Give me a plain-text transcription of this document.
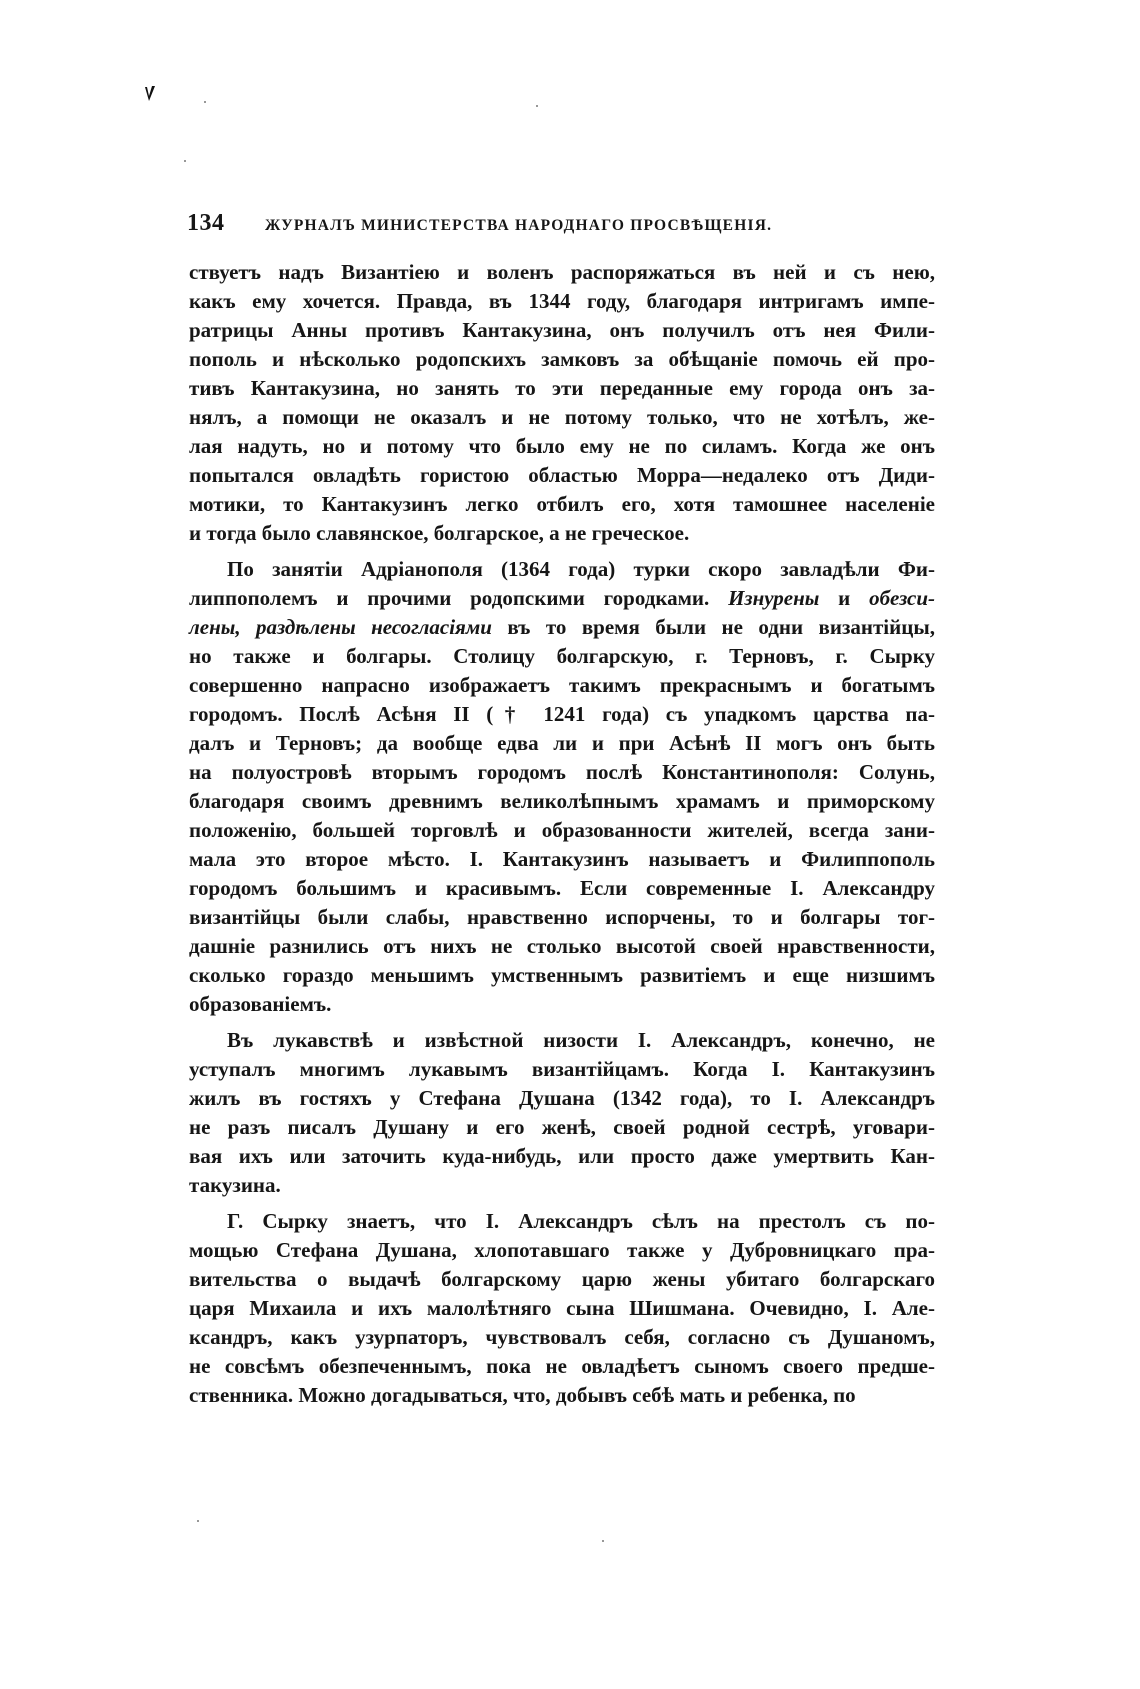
134	ЖУРНАЛЪ МИНИСТЕРСТВА НАРОДНАГО ПРОСВѢЩЕНІЯ.
ствуетъ надъ Византіею и воленъ распоряжаться въ ней и съ нею,
какъ ему хочется. Правда, въ 1344 году, благодаря интригамъ импе-
ратрицы Анны противъ Кантакузина, онъ получилъ отъ нея Фили-
пополь и нѣсколько родопскихъ замковъ за обѣщаніе помочь ей про-
тивъ Кантакузина, но занять то эти переданные ему города онъ за-
нялъ, а помощи не оказалъ и не потому только, что не хотѣлъ, же-
лая надуть, но и потому что было ему не по силамъ. Когда же онъ
попытался овладѣть гористою областью Морра—недалеко отъ Диди-
мотики, то Кантакузинъ легко отбилъ его, хотя тамошнее населеніе
и тогда было славянское, болгарское, а не греческое.
По занятіи Адріанополя (1364 года) турки скоро завладѣли Фи-
липпополемъ и прочими родопскими городками. Изнурены и обезси-
лены, раздѣлены несогласіями въ то время были не одни византійцы,
но также и болгары. Столицу болгарскую, г. Терновъ, г. Сырку
совершенно напрасно изображаетъ такимъ прекраснымъ и богатымъ
городомъ. Послѣ Асѣня II († 1241 года) съ упадкомъ царства па-
далъ и Терновъ; да вообще едва ли и при Асѣнѣ II могъ онъ быть
на полуостровѣ вторымъ городомъ послѣ Константинополя: Солунь,
благодаря своимъ древнимъ великолѣпнымъ храмамъ и приморскому
положенію, большей торговлѣ и образованности жителей, всегда зани-
мала это второе мѣсто. І. Кантакузинъ называетъ и Филиппополь
городомъ большимъ и красивымъ. Если современные І. Александру
византійцы были слабы, нравственно испорчены, то и болгары тог-
дашніе разнились отъ нихъ не столько высотой своей нравственности,
сколько гораздо меньшимъ умственнымъ развитіемъ и еще низшимъ
образованіемъ.
Въ лукавствѣ и извѣстной низости І. Александръ, конечно, не
уступалъ многимъ лукавымъ византійцамъ. Когда І. Кантакузинъ
жилъ въ гостяхъ у Стефана Душана (1342 года), то І. Александръ
не разъ писалъ Душану и его женѣ, своей родной сестрѣ, уговари-
вая ихъ или заточить куда-нибудь, или просто даже умертвить Кан-
такузина.
Г. Сырку знаетъ, что І. Александръ сѣлъ на престолъ съ по-
мощью Стефана Душана, хлопотавшаго также у Дубровницкаго пра-
вительства о выдачѣ болгарскому царю жены убитаго болгарскаго
царя Михаила и ихъ малолѣтняго сына Шишмана. Очевидно, І. Але-
ксандръ, какъ узурпаторъ, чувствовалъ себя, согласно съ Душаномъ,
не совсѣмъ обезпеченнымъ, пока не овладѣетъ сыномъ своего предше-
ственника. Можно догадываться, что, добывъ себѣ мать и ребенка, по
